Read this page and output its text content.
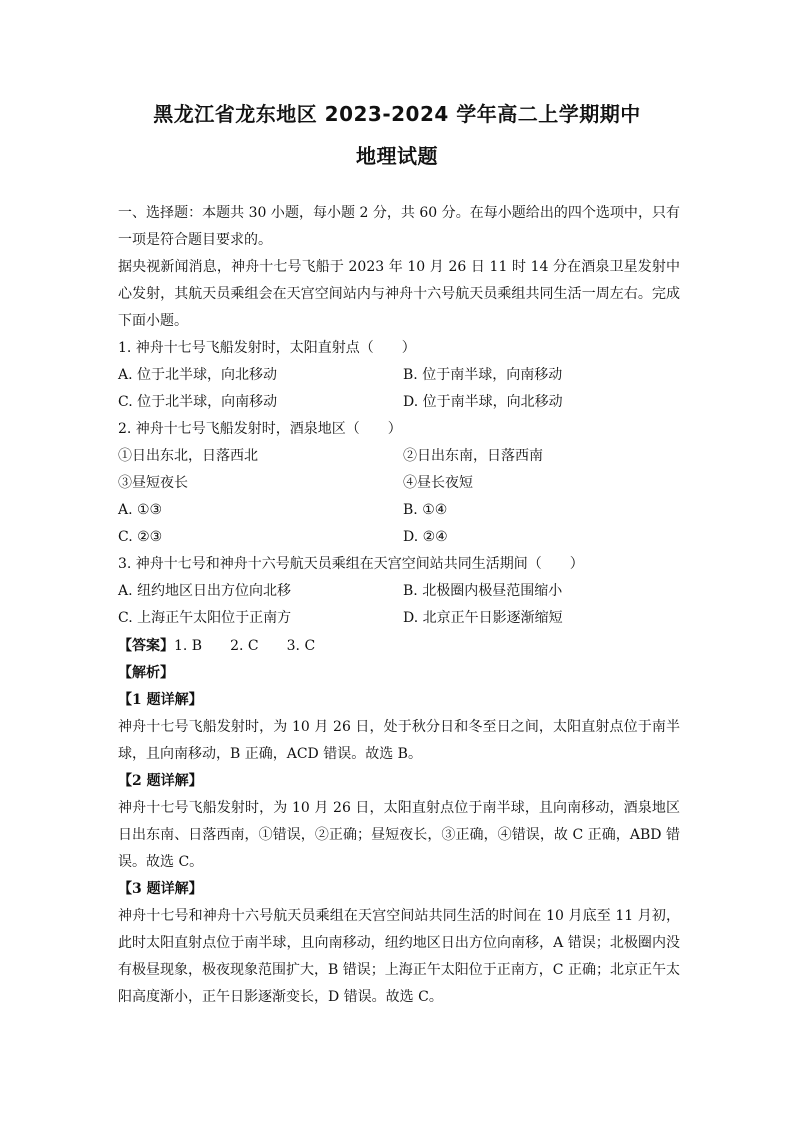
黑龙江省龙东地区 2023-2024 学年高二上学期期中
地理试题
一、选择题：本题共 30 小题，每小题 2 分，共 60 分。在每小题给出的四个选项中，只有一项是符合题目要求的。
据央视新闻消息，神舟十七号飞船于 2023 年 10 月 26 日 11 时 14 分在酒泉卫星发射中心发射，其航天员乘组会在天宫空间站内与神舟十六号航天员乘组共同生活一周左右。完成下面小题。
1. 神舟十七号飞船发射时，太阳直射点（　　）
A. 位于北半球，向北移动	B. 位于南半球，向南移动
C. 位于北半球，向南移动	D. 位于南半球，向北移动
2. 神舟十七号飞船发射时，酒泉地区（　　）
①日出东北，日落西北	②日出东南，日落西南
③昼短夜长	④昼长夜短
A. ①③	B. ①④
C. ②③	D. ②④
3. 神舟十七号和神舟十六号航天员乘组在天宫空间站共同生活期间（　　）
A. 纽约地区日出方位向北移	B. 北极圈内极昼范围缩小
C. 上海正午太阳位于正南方	D. 北京正午日影逐渐缩短
【答案】1. B 2. C 3. C
【解析】
【1 题详解】
神舟十七号飞船发射时，为 10 月 26 日，处于秋分日和冬至日之间，太阳直射点位于南半球，且向南移动，B 正确，ACD 错误。故选 B。
【2 题详解】
神舟十七号飞船发射时，为 10 月 26 日，太阳直射点位于南半球，且向南移动，酒泉地区日出东南、日落西南，①错误，②正确；昼短夜长，③正确，④错误，故 C 正确，ABD 错误。故选 C。
【3 题详解】
神舟十七号和神舟十六号航天员乘组在天宫空间站共同生活的时间在 10 月底至 11 月初，此时太阳直射点位于南半球，且向南移动，纽约地区日出方位向南移，A 错误；北极圈内没有极昼现象，极夜现象范围扩大，B 错误；上海正午太阳位于正南方，C 正确；北京正午太阳高度渐小，正午日影逐渐变长，D 错误。故选 C。
